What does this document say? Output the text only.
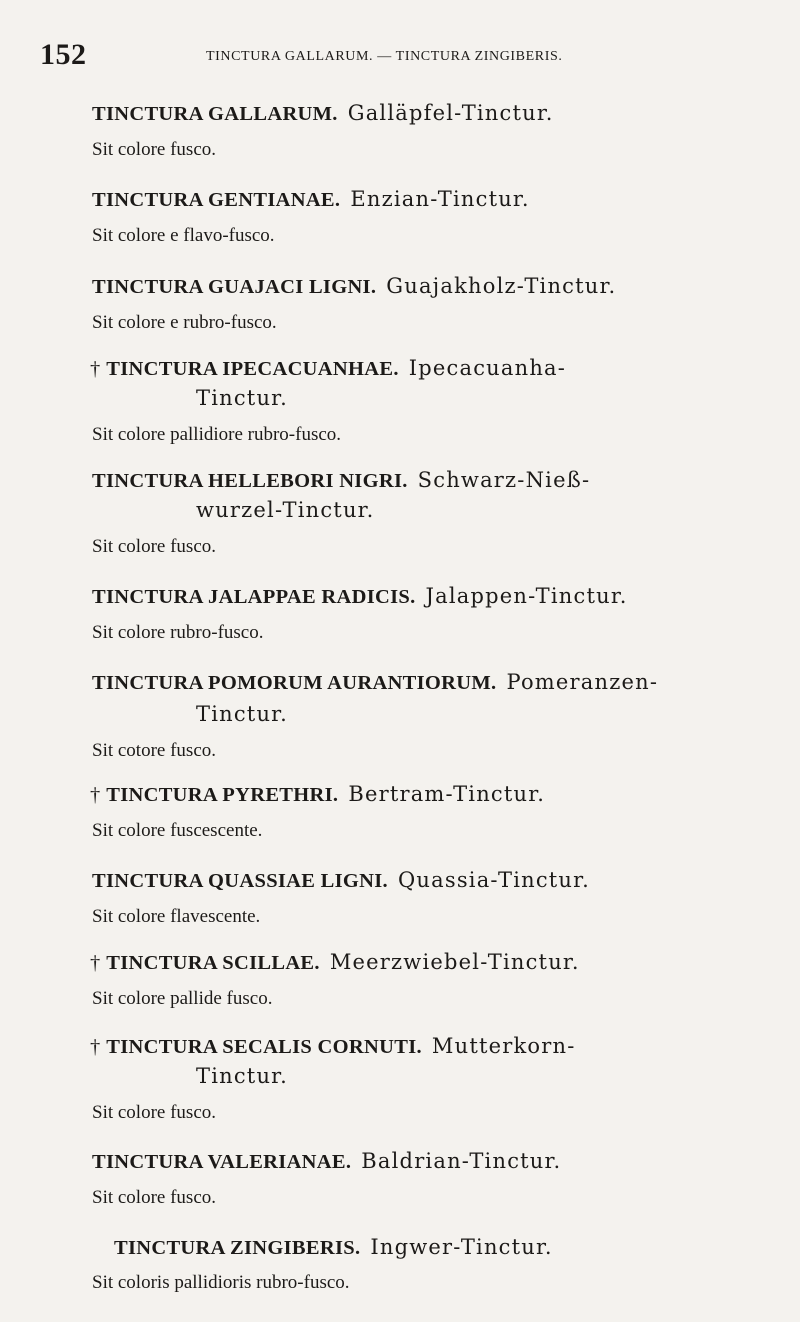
152	TINCTURA GALLARUM. — TINCTURA ZINGIBERIS.
TINCTURA GALLARUM. Galläpfel-Tinctur.
Sit colore fusco.
TINCTURA GENTIANAE. Enzian-Tinctur.
Sit colore e flavo-fusco.
TINCTURA GUAJACI LIGNI. Guajakholz-Tinctur.
Sit colore e rubro-fusco.
† TINCTURA IPECACUANHAE. Ipecacuanha-
Tinctur.
Sit colore pallidiore rubro-fusco.
TINCTURA HELLEBORI NIGRI. Schwarz-Nieß-
wurzel-Tinctur.
Sit colore fusco.
TINCTURA JALAPPAE RADICIS. Jalappen-Tinctur.
Sit colore rubro-fusco.
TINCTURA POMORUM AURANTIORUM. Pomeranzen-
Tinctur.
Sit cotore fusco.
† TINCTURA PYRETHRI. Bertram-Tinctur.
Sit colore fuscescente.
TINCTURA QUASSIAE LIGNI. Quassia-Tinctur.
Sit colore flavescente.
† TINCTURA SCILLAE. Meerzwiebel-Tinctur.
Sit colore pallide fusco.
† TINCTURA SECALIS CORNUTI. Mutterkorn-
Tinctur.
Sit colore fusco.
TINCTURA VALERIANAE. Baldrian-Tinctur.
Sit colore fusco.
TINCTURA ZINGIBERIS. Ingwer-Tinctur.
Sit coloris pallidioris rubro-fusco.
